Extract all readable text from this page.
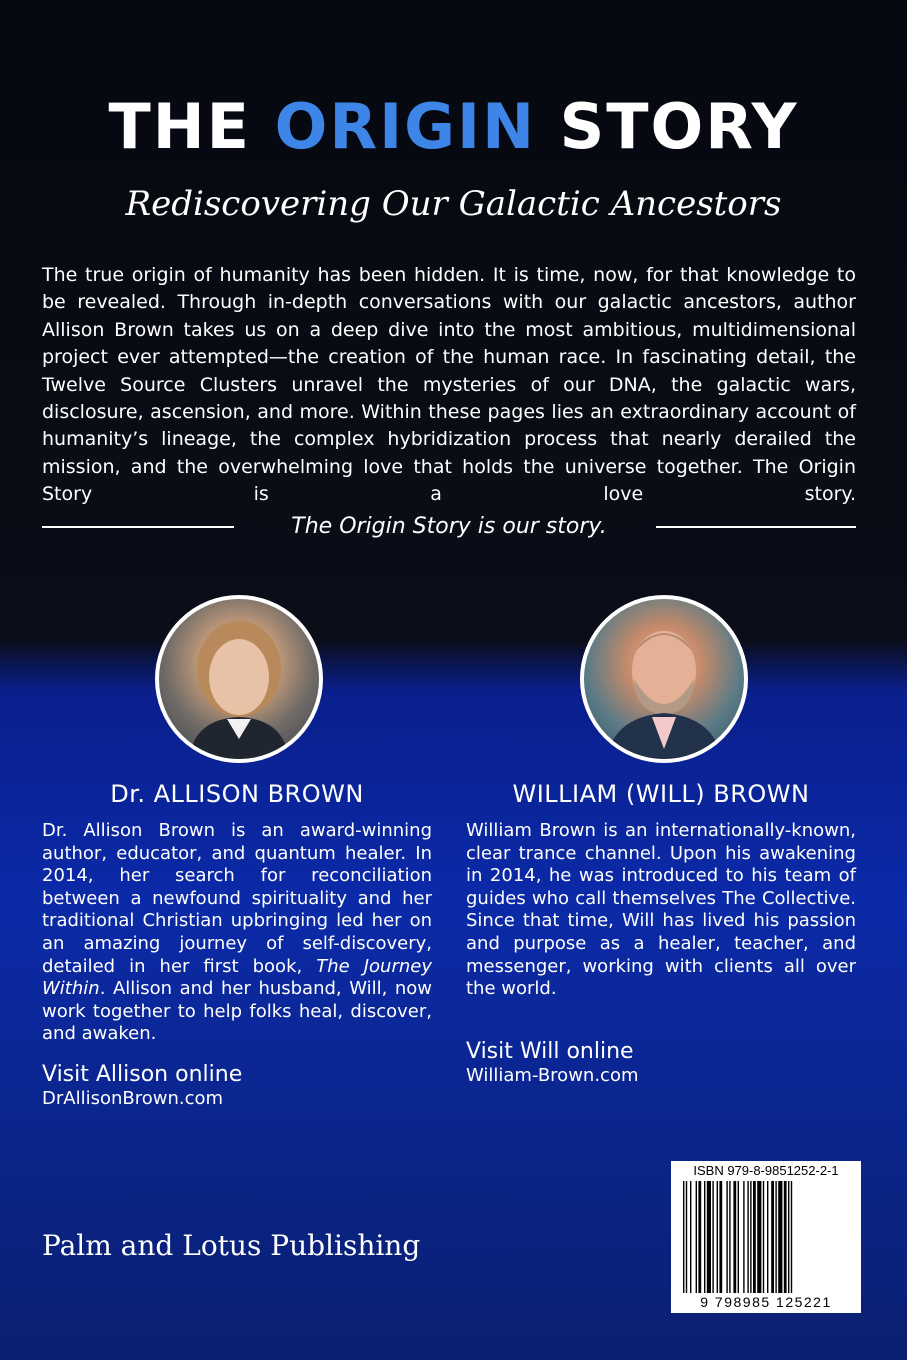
THE ORIGIN STORY
Rediscovering Our Galactic Ancestors
The true origin of humanity has been hidden. It is time, now, for that knowledge to be revealed. Through in-depth conversations with our galactic ancestors, author Allison Brown takes us on a deep dive into the most ambitious, multidimensional project ever attempted—the creation of the human race. In fascinating detail, the Twelve Source Clusters unravel the mysteries of our DNA, the galactic wars, disclosure, ascension, and more. Within these pages lies an extraordinary account of humanity’s lineage, the complex hybridization process that nearly derailed the mission, and the overwhelming love that holds the universe together. The Origin Story is a love story.
The Origin Story is our story.
Dr. ALLISON BROWN	WILLIAM (WILL) BROWN
Dr. Allison Brown is an award-winning author, educator, and quantum healer. In 2014, her search for reconciliation between a newfound spirituality and her traditional Christian upbringing led her on an amazing journey of self-discovery, detailed in her first book, The Journey Within. Allison and her husband, Will, now work together to help folks heal, discover, and awaken.
William Brown is an internationally-known, clear trance channel. Upon his awakening in 2014, he was introduced to his team of guides who call themselves The Collective. Since that time, Will has lived his passion and purpose as a healer, teacher, and messenger, working with clients all over the world.
Visit Allison online
DrAllisonBrown.com
Visit Will online
William-Brown.com
Palm and Lotus Publishing
ISBN 979-8-9851252-2-1
9 798985 125221
